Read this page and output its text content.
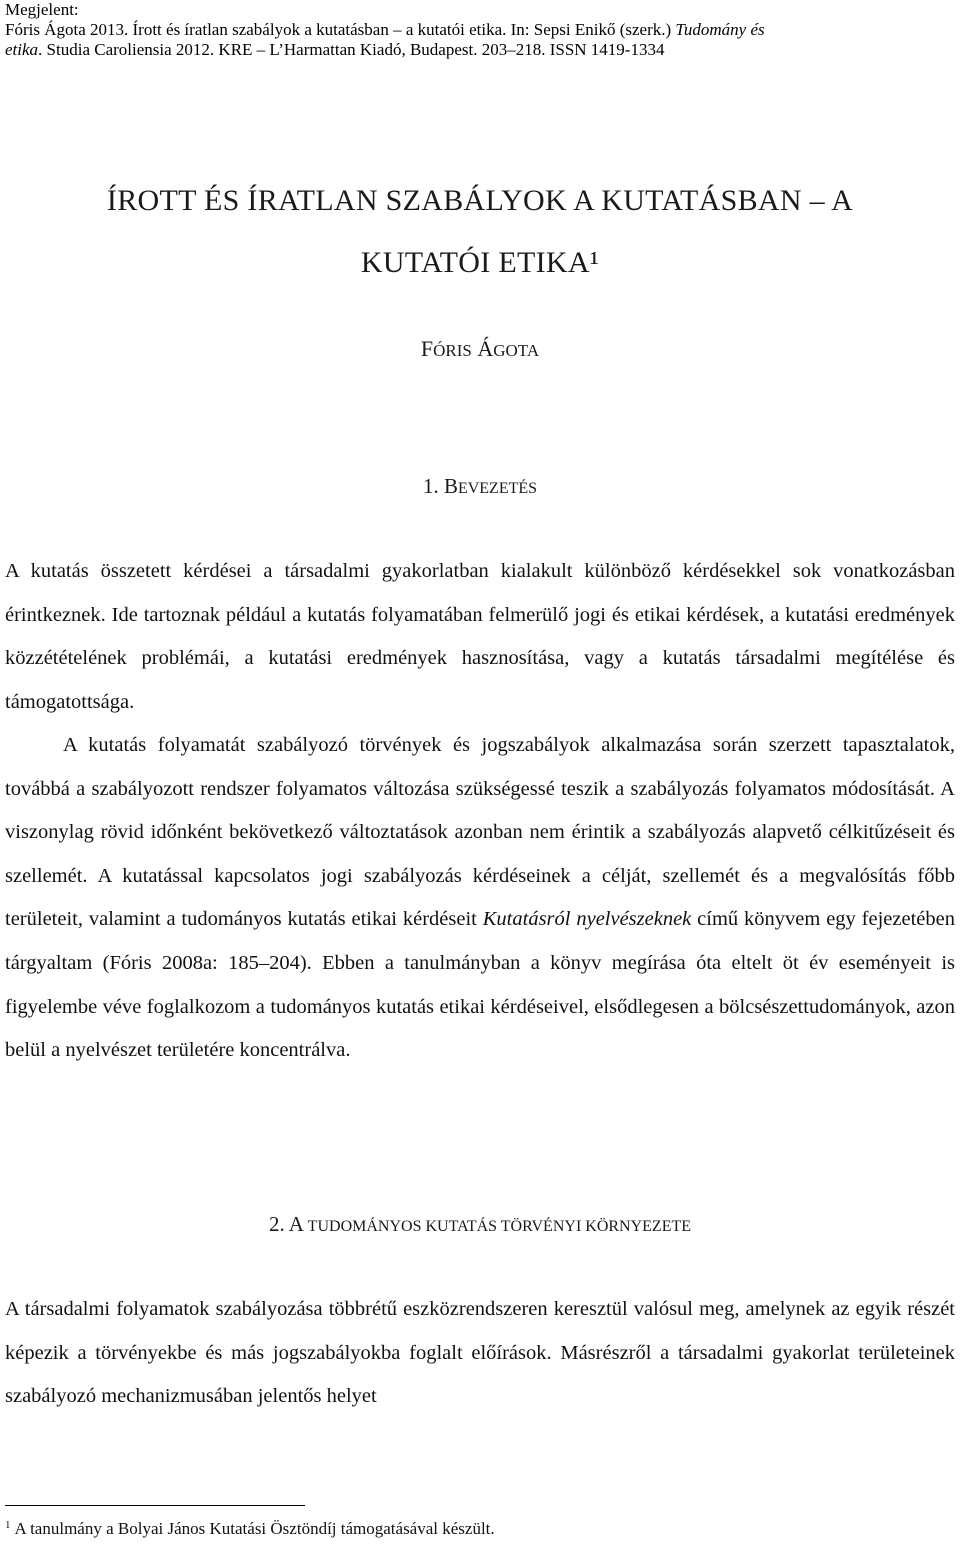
Megjelent:
Fóris Ágota 2013. Írott és íratlan szabályok a kutatásban – a kutatói etika. In: Sepsi Enikő (szerk.) Tudomány és
etika. Studia Caroliensia 2012. KRE – L’Harmattan Kiadó, Budapest. 203–218. ISSN 1419-1334
ÍROTT ÉS ÍRATLAN SZABÁLYOK A KUTATÁSBAN – A
KUTATÓI ETIKA¹
FÓRIS ÁGOTA
1. BEVEZETÉS
A kutatás összetett kérdései a társadalmi gyakorlatban kialakult különböző kérdésekkel sok vonatkozásban érintkeznek. Ide tartoznak például a kutatás folyamatában felmerülő jogi és etikai kérdések, a kutatási eredmények közzétételének problémái, a kutatási eredmények hasznosítása, vagy a kutatás társadalmi megítélése és támogatottsága.
A kutatás folyamatát szabályozó törvények és jogszabályok alkalmazása során szerzett tapasztalatok, továbbá a szabályozott rendszer folyamatos változása szükségessé teszik a szabályozás folyamatos módosítását. A viszonylag rövid időnként bekövetkező változtatások azonban nem érintik a szabályozás alapvető célkitűzéseit és szellemét. A kutatással kapcsolatos jogi szabályozás kérdéseinek a célját, szellemét és a megvalósítás főbb területeit, valamint a tudományos kutatás etikai kérdéseit Kutatásról nyelvészeknek című könyvem egy fejezetében tárgyaltam (Fóris 2008a: 185–204). Ebben a tanulmányban a könyv megírása óta eltelt öt év eseményeit is figyelembe véve foglalkozom a tudományos kutatás etikai kérdéseivel, elsődlegesen a bölcsészettudományok, azon belül a nyelvészet területére koncentrálva.
2. A TUDOMÁNYOS KUTATÁS TÖRVÉNYI KÖRNYEZETE
A társadalmi folyamatok szabályozása többrétű eszközrendszeren keresztül valósul meg, amelynek az egyik részét képezik a törvényekbe és más jogszabályokba foglalt előírások. Másrészről a társadalmi gyakorlat területeinek szabályozó mechanizmusában jelentős helyet
$^1$ A tanulmány a Bolyai János Kutatási Ösztöndíj támogatásával készült.
